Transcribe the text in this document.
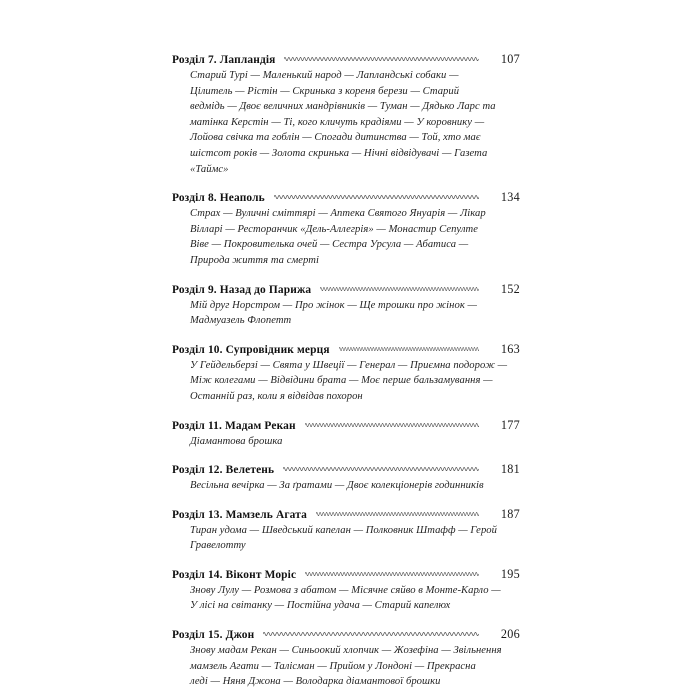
Розділ 7. Лапландія	107
Старий Турі — Маленький народ — Лапландські собаки —
Цілитель — Рістін — Скринька з кореня берези — Старий
ведмідь — Двоє величних мандрівників — Туман — Дядько Ларс та
матінка Керстін — Ті, кого кличуть крадіями — У коровнику —
Лойова свічка та гоблін — Спогади дитинства — Той, хто має
шістсот років — Золота скринька — Нічні відвідувачі — Газета
«Таймс»
Розділ 8. Неаполь	134
Страх — Вуличні сміттярі — Аптека Святого Януарія — Лікар
Вілларі — Ресторанчик «Дель-Аллегрія» — Монастир Сепулте
Віве — Покровителька очей — Сестра Урсула — Абатиса —
Природа життя та смерті
Розділ 9. Назад до Парижа	152
Мій друг Норстром — Про жінок — Ще трошки про жінок —
Мадмуазель Флопетт
Розділ 10. Супровідник мерця	163
У Гейдельберзі — Свята у Швеції — Генерал — Приємна подорож —
Між колегами — Відвідини брата — Моє перше бальзамування —
Останній раз, коли я відвідав похорон
Розділ 11. Мадам Рекан	177
Діамантова брошка
Розділ 12. Велетень	181
Весільна вечірка — За ґратами — Двоє колекціонерів годинників
Розділ 13. Мамзель Агата	187
Тиран удома — Шведський капелан — Полковник Штафф — Герой
Гравелотту
Розділ 14. Віконт Моріс	195
Знову Лулу — Розмова з абатом — Місячне сяйво в Монте-Карло —
У лісі на світанку — Постійна удача — Старий капелюх
Розділ 15. Джон	206
Знову мадам Рекан — Синьоокий хлопчик — Жозефіна — Звільнення
мамзель Агати — Талісман — Прийом у Лондоні — Прекрасна
леді — Няня Джона — Володарка діамантової брошки
